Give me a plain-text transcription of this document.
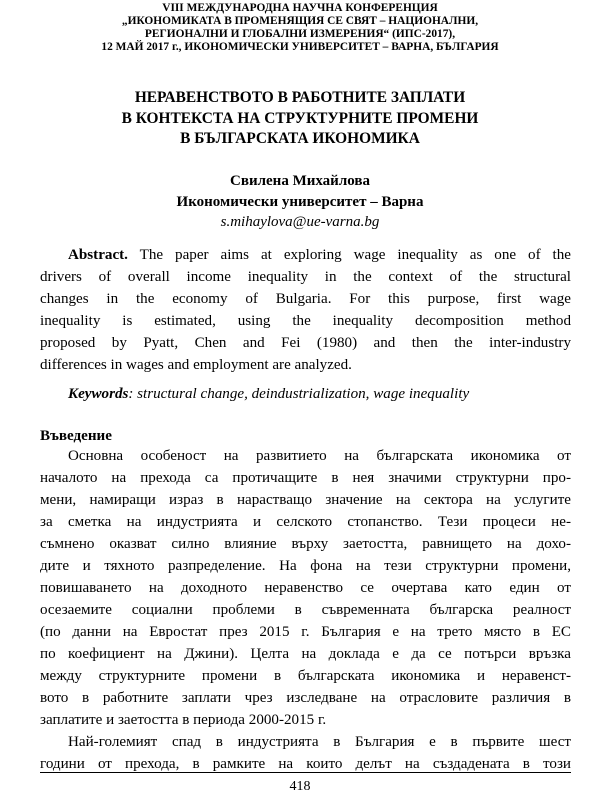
VIII МЕЖДУНАРОДНА НАУЧНА КОНФЕРЕНЦИЯ
„ИКОНОМИКАТА В ПРОМЕНЯЩИЯ СЕ СВЯТ – НАЦИОНАЛНИ,
РЕГИОНАЛНИ И ГЛОБАЛНИ ИЗМЕРЕНИЯ“ (ИПС-2017),
12 МАЙ 2017 г., ИКОНОМИЧЕСКИ УНИВЕРСИТЕТ – ВАРНА, БЪЛГАРИЯ
НЕРАВЕНСТВОТО В РАБОТНИТЕ ЗАПЛАТИ
В КОНТЕКСТА НА СТРУКТУРНИТЕ ПРОМЕНИ
В БЪЛГАРСКАТА ИКОНОМИКА
Свилена Михайлова
Икономически университет – Варна
s.mihaylova@ue-varna.bg
Abstract. The paper aims at exploring wage inequality as one of the
drivers of overall income inequality in the context of the structural
changes in the economy of Bulgaria. For this purpose, first wage
inequality is estimated, using the inequality decomposition method
proposed by Pyatt, Chen and Fei (1980) and then the inter-industry
differences in wages and employment are analyzed.
Keywords: structural change, deindustrialization, wage inequality
Въведение
Основна особеност на развитието на българската икономика от
началото на прехода са протичащите в нея значими структурни про-
мени, намиращи израз в нарастващо значение на сектора на услугите
за сметка на индустрията и селското стопанство. Тези процеси не-
съмнено оказват силно влияние върху заетостта, равнището на дохо-
дите и тяхното разпределение. На фона на тези структурни промени,
повишаването на доходното неравенство се очертава като един от
осезаемите социални проблеми в съвременната българска реалност
(по данни на Евростат през 2015 г. България е на трето място в ЕС
по коефициент на Джини). Целта на доклада е да се потърси връзка
между структурните промени в българската икономика и неравенст-
вото в работните заплати чрез изследване на отрасловите различия в
заплатите и заетостта в периода 2000-2015 г.
Най-големият спад в индустрията в България е в първите шест
години от прехода, в рамките на които делът на създадената в този
418
